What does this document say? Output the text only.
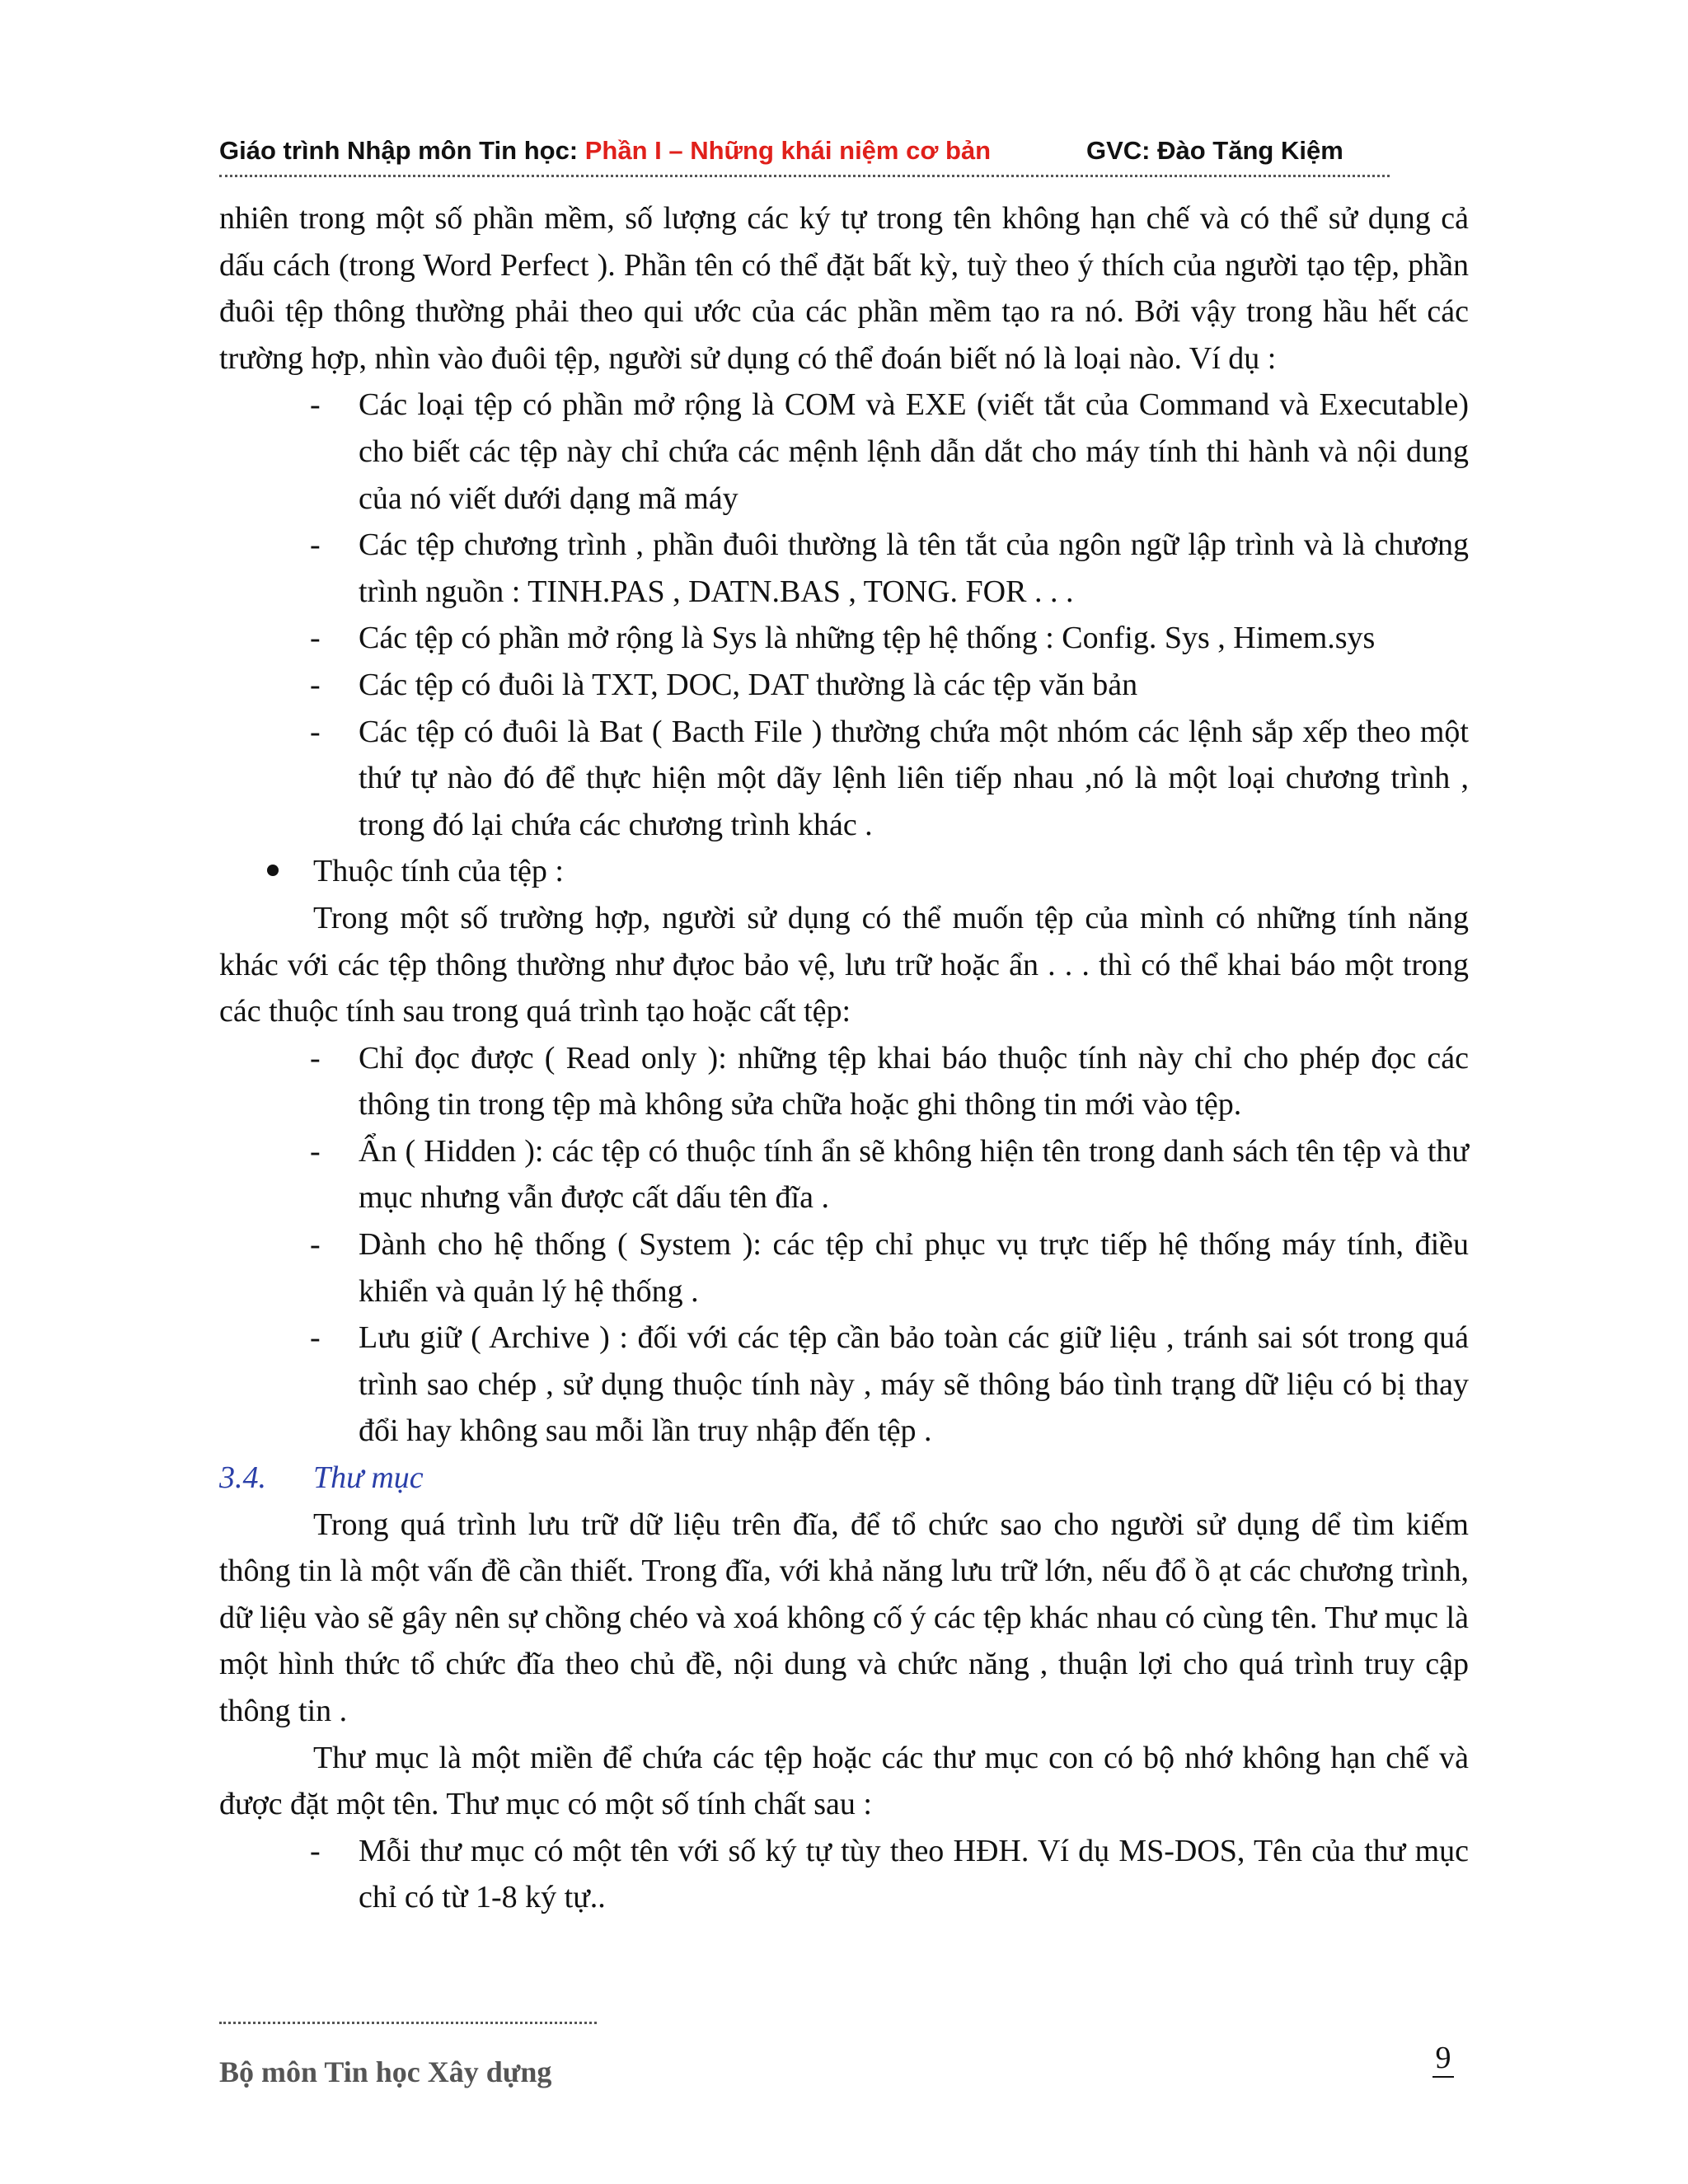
Giáo trình Nhập môn Tin học: Phần I – Những khái niệm cơ bản	GVC: Đào Tăng Kiệm

nhiên trong một số phần mềm, số lượng các ký tự trong tên không hạn chế và có thể sử dụng cả dấu cách (trong Word Perfect ). Phần tên có thể đặt bất kỳ, tuỳ theo ý thích của người tạo tệp, phần đuôi tệp thông thường phải theo qui ước của các phần mềm tạo ra nó. Bởi vậy trong hầu hết các trường hợp, nhìn vào đuôi tệp, người sử dụng có thể đoán biết nó là loại nào. Ví dụ :

- Các loại tệp có phần mở rộng là COM và EXE (viết tắt của Command và Executable) cho biết các tệp này chỉ chứa các mệnh lệnh dẫn dắt cho máy tính thi hành và nội dung của nó viết dưới dạng mã máy

- Các tệp chương trình , phần đuôi thường là tên tắt của ngôn ngữ lập trình và là chương trình nguồn : TINH.PAS , DATN.BAS , TONG. FOR . . .

- Các tệp có phần mở rộng là Sys là những tệp hệ thống : Config. Sys , Himem.sys

- Các tệp có đuôi là TXT, DOC, DAT thường là các tệp văn bản

- Các tệp có đuôi là Bat ( Bacth File ) thường chứa một nhóm các lệnh sắp xếp theo một thứ tự nào đó để thực hiện một dãy lệnh liên tiếp nhau ,nó là một loại chương trình , trong đó lại chứa các chương trình khác .

Thuộc tính của tệp :

Trong một số trường hợp, người sử dụng có thể muốn tệp của mình có những tính năng khác với các tệp thông thường như đựoc bảo vệ, lưu trữ hoặc ẩn . . . thì có thể khai báo một trong các thuộc tính sau trong quá trình tạo hoặc cất tệp:

- Chỉ đọc được ( Read only ): những tệp khai báo thuộc tính này chỉ cho phép đọc các thông tin trong tệp mà không sửa chữa hoặc ghi thông tin mới vào tệp.

- Ẩn ( Hidden ): các tệp có thuộc tính ẩn sẽ không hiện tên trong danh sách tên tệp và thư mục nhưng vẫn được cất dấu tên đĩa .

- Dành cho hệ thống ( System ): các tệp chỉ phục vụ trực tiếp hệ thống máy tính, điều khiển và quản lý hệ thống .

- Lưu giữ ( Archive ) : đối với các tệp cần bảo toàn các giữ liệu , tránh sai sót trong quá trình sao chép , sử dụng thuộc tính này , máy sẽ thông báo tình trạng dữ liệu có bị thay đổi hay không sau mỗi lần truy nhập đến tệp .

3.4. Thư mục

Trong quá trình lưu trữ dữ liệu trên đĩa, để tổ chức sao cho người sử dụng dể tìm kiếm thông tin là một vấn đề cần thiết. Trong đĩa, với khả năng lưu trữ lớn, nếu đổ ồ ạt các chương trình, dữ liệu vào sẽ gây nên sự chồng chéo và xoá không cố ý các tệp khác nhau có cùng tên. Thư mục là một hình thức tổ chức đĩa theo chủ đề, nội dung và chức năng , thuận lợi cho quá trình truy cập thông tin .

Thư mục là một miền để chứa các tệp hoặc các thư mục con có bộ nhớ không hạn chế và được đặt một tên. Thư mục có một số tính chất sau :

- Mỗi thư mục có một tên với số ký tự tùy theo HĐH. Ví dụ MS-DOS, Tên của thư mục chỉ có từ 1-8 ký tự..

Bộ môn Tin học Xây dựng	9
